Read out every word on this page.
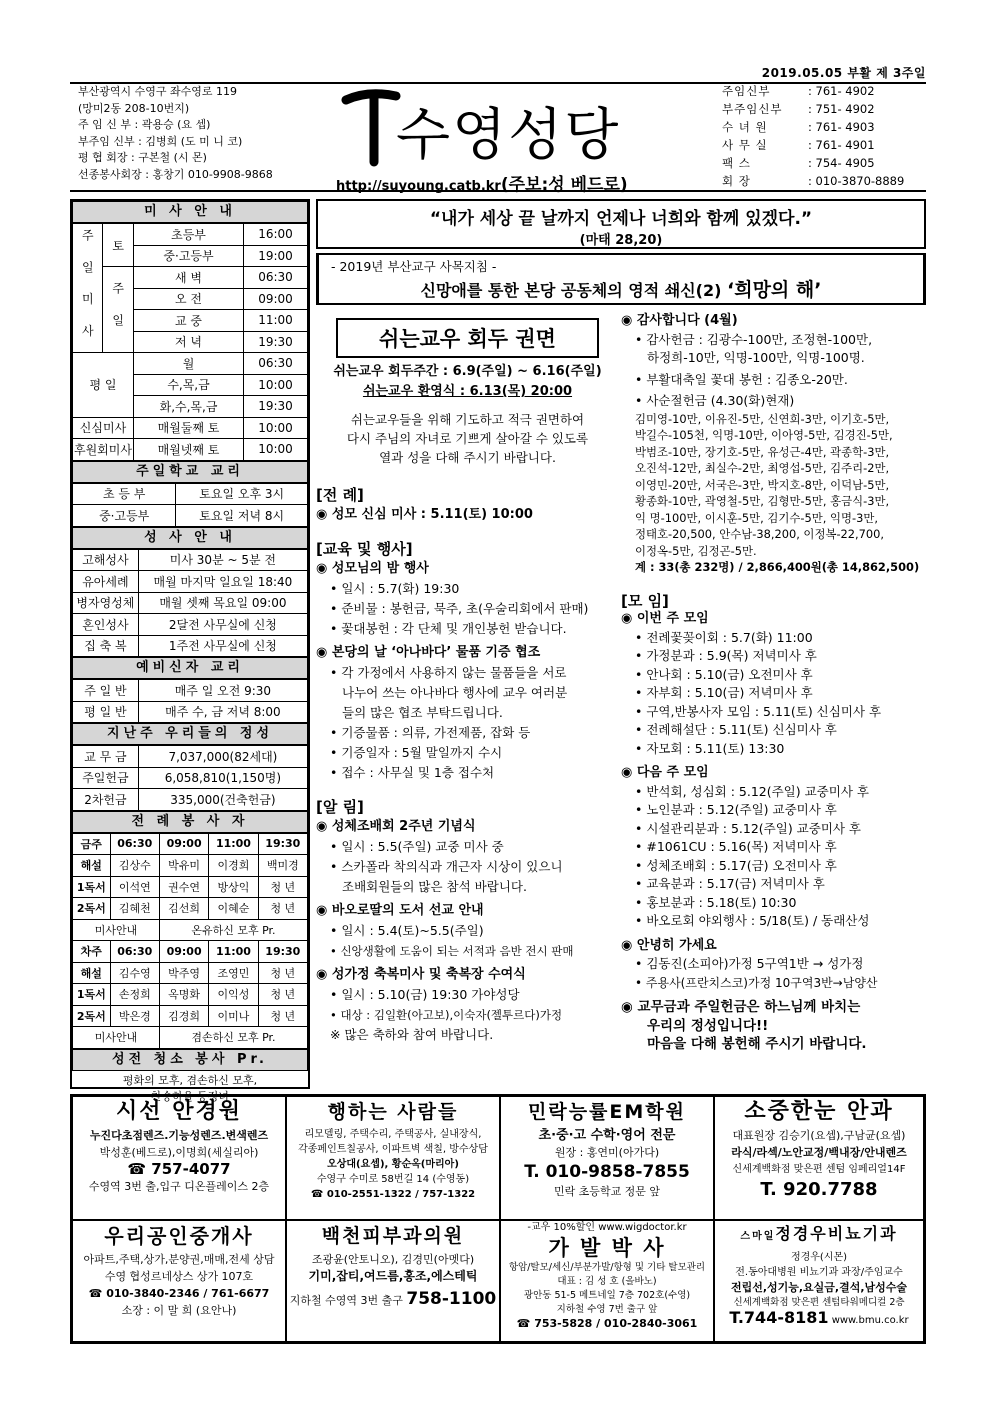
2019.05.05 부활 제 3주일
부산광역시 수영구 좌수영로 119
(망미2동 208-10번지)
주 임 신 부 : 곽용승 (요 셉)
부주임 신부 : 김병희 (도 미 니 코)
평 협 회장 : 구본철 (시 몬)
선종봉사회장 : 홍창기 010-9908-9868
수영성당
http://suyoung.catb.kr(주보:성 베드로)
주임신부	: 761- 4902
부주임신부	: 751- 4902
수 녀 원	: 761- 4903
사 무 실	: 761- 4901
팩 스	: 754- 4905
회 장	: 010-3870-8889
미 사 안 내
주 일 미 사	토	초등부	16:00
		중·고등부	19:00
	주 일	새 벽	06:30
		오 전	09:00
		교 중	11:00
		저 녁	19:30
평 일		월	06:30
		수,목,금	10:00
		화,수,목,금	19:30
신심미사		매월둘째 토	10:00
후원회미사		매월넷째 토	10:00
주일학교 교리
초 등 부	토요일 오후 3시
중·고등부	토요일 저녁 8시
성 사 안 내
고해성사	미사 30분 ~ 5분 전
유아세례	매월 마지막 일요일 18:40
병자영성체	매월 셋째 목요일 09:00
혼인성사	2달전 사무실에 신청
집 축 복	1주전 사무실에 신청
예비신자 교리
주 일 반	매주 일 오전 9:30
평 일 반	매주 수, 금 저녁 8:00
지난주 우리들의 정성
교 무 금	7,037,000(82세대)
주일헌금	6,058,810(1,150명)
2차헌금	335,000(건축헌금)
전 례 봉 사 자
금주	06:30	09:00	11:00	19:30
해설	김상수	박유미	이경희	백미경
1독서	이석연	권수연	방상익	청 년
2독서	김혜천	김선희	이혜순	청 년
미사안내		온유하신 모후 Pr.		
차주	06:30	09:00	11:00	19:30
해설	김수영	박주영	조영민	청 년
1독서	손정희	옥명화	이익성	청 년
2독서	박은경	김경희	이미나	청 년
미사안내		겸손하신 모후 Pr.		
성전 청소 봉사 Pr.
평화의 모후, 겸손하신 모후,
찬송하올 동정녀
“내가 세상 끝 날까지 언제나 너희와 함께 있겠다.”
(마태 28,20)
- 2019년 부산교구 사목지침 -
신망애를 통한 본당 공동체의 영적 쇄신(2) ‘희망의 해’
쉬는교우 회두 권면
쉬는교우 회두주간 : 6.9(주일) ~ 6.16(주일)
쉬는교우 환영식 : 6.13(목) 20:00
쉬는교우들을 위해 기도하고 적극 권면하여
다시 주님의 자녀로 기쁘게 살아갈 수 있도록
열과 성을 다해 주시기 바랍니다.
[전 례]
◉ 성모 신심 미사 : 5.11(토) 10:00
[교육 및 행사]
◉ 성모님의 밤 행사
• 일시 : 5.7(화) 19:30
• 준비물 : 봉헌금, 묵주, 초(우술리회에서 판매)
• 꽃대봉헌 : 각 단체 및 개인봉헌 받습니다.
◉ 본당의 날 ‘아나바다’ 물품 기증 협조
• 각 가정에서 사용하지 않는 물품들을 서로
나누어 쓰는 아나바다 행사에 교우 여러분
들의 많은 협조 부탁드립니다.
• 기증물품 : 의류, 가전제품, 잡화 등
• 기증일자 : 5월 말일까지 수시
• 접수 : 사무실 및 1층 접수처
[알 림]
◉ 성체조배회 2주년 기념식
• 일시 : 5.5(주일) 교중 미사 중
• 스카폴라 착의식과 개근자 시상이 있으니
조배회원들의 많은 참석 바랍니다.
◉ 바오로딸의 도서 선교 안내
• 일시 : 5.4(토)~5.5(주일)
• 신앙생활에 도움이 되는 서적과 음반 전시 판매
◉ 성가정 축복미사 및 축복장 수여식
• 일시 : 5.10(금) 19:30 가야성당
• 대상 : 김일환(아고보),이숙자(젤투르다)가정
※ 많은 축하와 참여 바랍니다.
◉ 감사합니다 (4월)
• 감사헌금 : 김광수-100만, 조정현-100만,
하정희-10만, 익명-100만, 익명-100명.
• 부활대축일 꽃대 봉헌 : 김종오-20만.
• 사순절헌금 (4.30(화)현재)
김미영-10만, 이유진-5만, 신연희-3만, 이기호-5만,
박길수-105천, 익명-10만, 이아영-5만, 김경진-5만,
박범조-10만, 장기호-5만, 유성근-4만, 곽종학-3만,
오진석-12만, 최실수-2만, 최영섭-5만, 김주리-2만,
이영민-20만, 서국은-3만, 박지호-8만, 이덕남-5만,
황종화-10만, 곽영철-5만, 김형만-5만, 홍금식-3만,
익 명-100만, 이시훈-5만, 김기수-5만, 익명-3만,
정태호-20,500, 안수남-38,200, 이정복-22,700,
이정옥-5만, 김정곤-5만.
계 : 33(총 232명) / 2,866,400원(총 14,862,500)
[모 임]
◉ 이번 주 모임
• 전례꽃꽂이회 : 5.7(화) 11:00
• 가정분과 : 5.9(목) 저녁미사 후
• 안나회 : 5.10(금) 오전미사 후
• 자부회 : 5.10(금) 저녁미사 후
• 구역,반봉사자 모임 : 5.11(토) 신심미사 후
• 전례해설단 : 5.11(토) 신심미사 후
• 자모회 : 5.11(토) 13:30
◉ 다음 주 모임
• 반석회, 성심회 : 5.12(주일) 교중미사 후
• 노인분과 : 5.12(주일) 교중미사 후
• 시설관리분과 : 5.12(주일) 교중미사 후
• #1061CU : 5.16(목) 저녁미사 후
• 성체조배회 : 5.17(금) 오전미사 후
• 교육분과 : 5.17(금) 저녁미사 후
• 홍보분과 : 5.18(토) 10:30
• 바오로회 야외행사 : 5/18(토) / 동래산성
◉ 안녕히 가세요
• 김동진(소피아)가정 5구역1반 → 성가정
• 주용사(프란치스코)가정 10구역3반→남양산
◉ 교무금과 주일헌금은 하느님께 바치는
우리의 정성입니다!!
마음을 다해 봉헌해 주시기 바랍니다.
시선 안경원
누진다초점렌즈.기능성렌즈.변색렌즈
박성훈(베드로),이명희(세실리아)
☎ 757-4077
수영역 3번 출,입구 디온플레이스 2층
행하는 사람들
리모델링, 주택수리, 주택공사, 실내장식,
각종페인트칠공사, 이파트벽 색칠, 방수상담
오상대(요셉), 황순옥(마리아)
수영구 수미로 58번길 14 (수영동)
☎ 010-2551-1322 / 757-1322
민락능률EM학원
초·중·고 수학·영어 전문
원장 : 홍연미(아가다)
T. 010-9858-7855
민락 초등학교 정문 앞
소중한눈 안과
대표원장 김승기(요셉),구남균(요셉)
라식/라섹/노안교정/백내장/안내렌즈
신세계백화점 맞은편 센텀 임페리얼14F
T. 920.7788
우리공인중개사
아파트,주택,상가,분양권,매매,전세 상담
수영 협성르네상스 상가 107호
☎ 010-3840-2346 / 761-6677
소장 : 이 말 희 (요안나)
백천피부과의원
조광윤(안토니오), 김경민(아멧다)
기미,잡티,여드름,홍조,에스테틱
지하철 수영역 3번 출구 758-1100
-교우 10%할인 www.wigdoctor.kr
가 발 박 사
항암/탈모/세신/부분가발/항형 및 기타 탈모관리
대표 : 김 성 호 (올바노)
광안동 51-5 메트네일 7층 702호(수영)
지하철 수영 7번 출구 앞
☎ 753-5828 / 010-2840-3061
스마일정경우비뇨기과
정경우(시몬)
전.동아대병원 비뇨기과 과장/주임교수
전립선,성기능,요실금,결석,남성수술
신세계백화점 맞은편 센텀타워메디컬 2층
T.744-8181 www.bmu.co.kr
